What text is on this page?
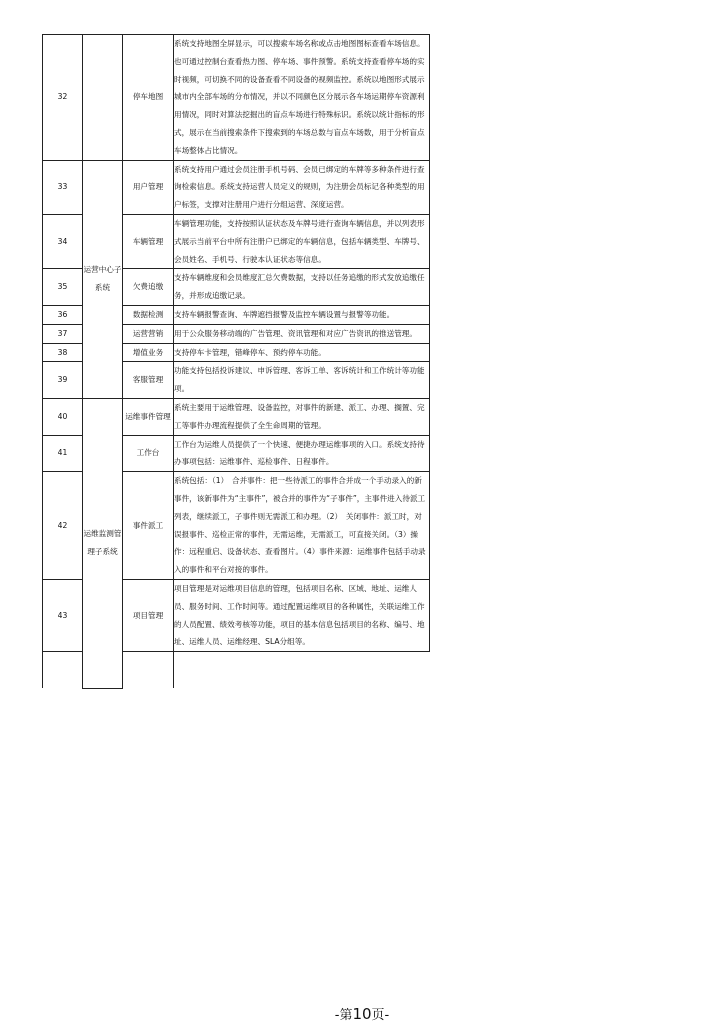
32		停车地图	系统支持地图全屏显示，可以搜索车场名称或点击地图图标查看车场信息。也可通过控制台查看热力图、停车场、事件预警。系统支持查看停车场的实时视频，可切换不同的设备查看不同设备的视频监控。系统以地图形式展示城市内全部车场的分布情况，并以不同颜色区分展示各车场运期停车资源利用情况，同时对算法挖掘出的盲点车场进行特殊标识。系统以统计指标的形式，展示在当前搜索条件下搜索到的车场总数与盲点车场数，用于分析盲点车场整体占比情况。	
33	运营中心子系统	用户管理	系统支持用户通过会员注册手机号码、会员已绑定的车牌等多种条件进行查询检索信息。系统支持运营人员定义的规则，为注册会员标记各种类型的用户标签，支撑对注册用户进行分组运营、深度运营。	
34		车辆管理	车辆管理功能，支持按照认证状态及车牌号进行查询车辆信息，并以列表形式展示当前平台中所有注册户已绑定的车辆信息，包括车辆类型、车牌号、会员姓名、手机号、行驶本认证状态等信息。	
35		欠费追缴	支持车辆维度和会员维度汇总欠费数据，支持以任务追缴的形式发放追缴任务，并形成追缴记录。	
36		数据检测	支持车辆报警查询、车牌遮挡报警及监控车辆设置与报警等功能。	
37		运营营销	用于公众服务移动端的广告管理、资讯管理和对应广告资讯的推送管理。	
38		增值业务	支持停车卡管理，错峰停车、预约停车功能。	
39		客服管理	功能支持包括投诉建议、申诉管理、客诉工单、客诉统计和工作统计等功能项。	
40	运维监测管理子系统	运维事件管理	系统主要用于运维管理、设备监控，对事件的新建、派工、办理、搁置、完工等事件办理流程提供了全生命周期的管理。	
41		工作台	工作台为运维人员提供了一个快速、便捷办理运维事项的入口。系统支持待办事项包括：运维事件、巡检事件、日程事件。	
42		事件派工	系统包括：（1）　合并事件：把一些待派工的事件合并成一个手动录入的新事件，该新事件为“主事件”，被合并的事件为“子事件”，主事件进入待派工列表，继续派工，子事件则无需派工和办理。（2）　关闭事件：派工时，对误报事件、巡检正常的事件，无需运维，无需派工，可直接关闭。（3）操作：远程重启、设备状态、查看图片。（4）事件来源：运维事件包括手动录入的事件和平台对接的事件。	
43		项目管理	项目管理是对运维项目信息的管理，包括项目名称、区域、地址、运维人员、服务时间、工作时间等。通过配置运维项目的各种属性，关联运维工作的人员配置、绩效考核等功能，项目的基本信息包括项目的名称、编号、地址、运维人员、运维经理、SLA分组等。	

-第10页-
